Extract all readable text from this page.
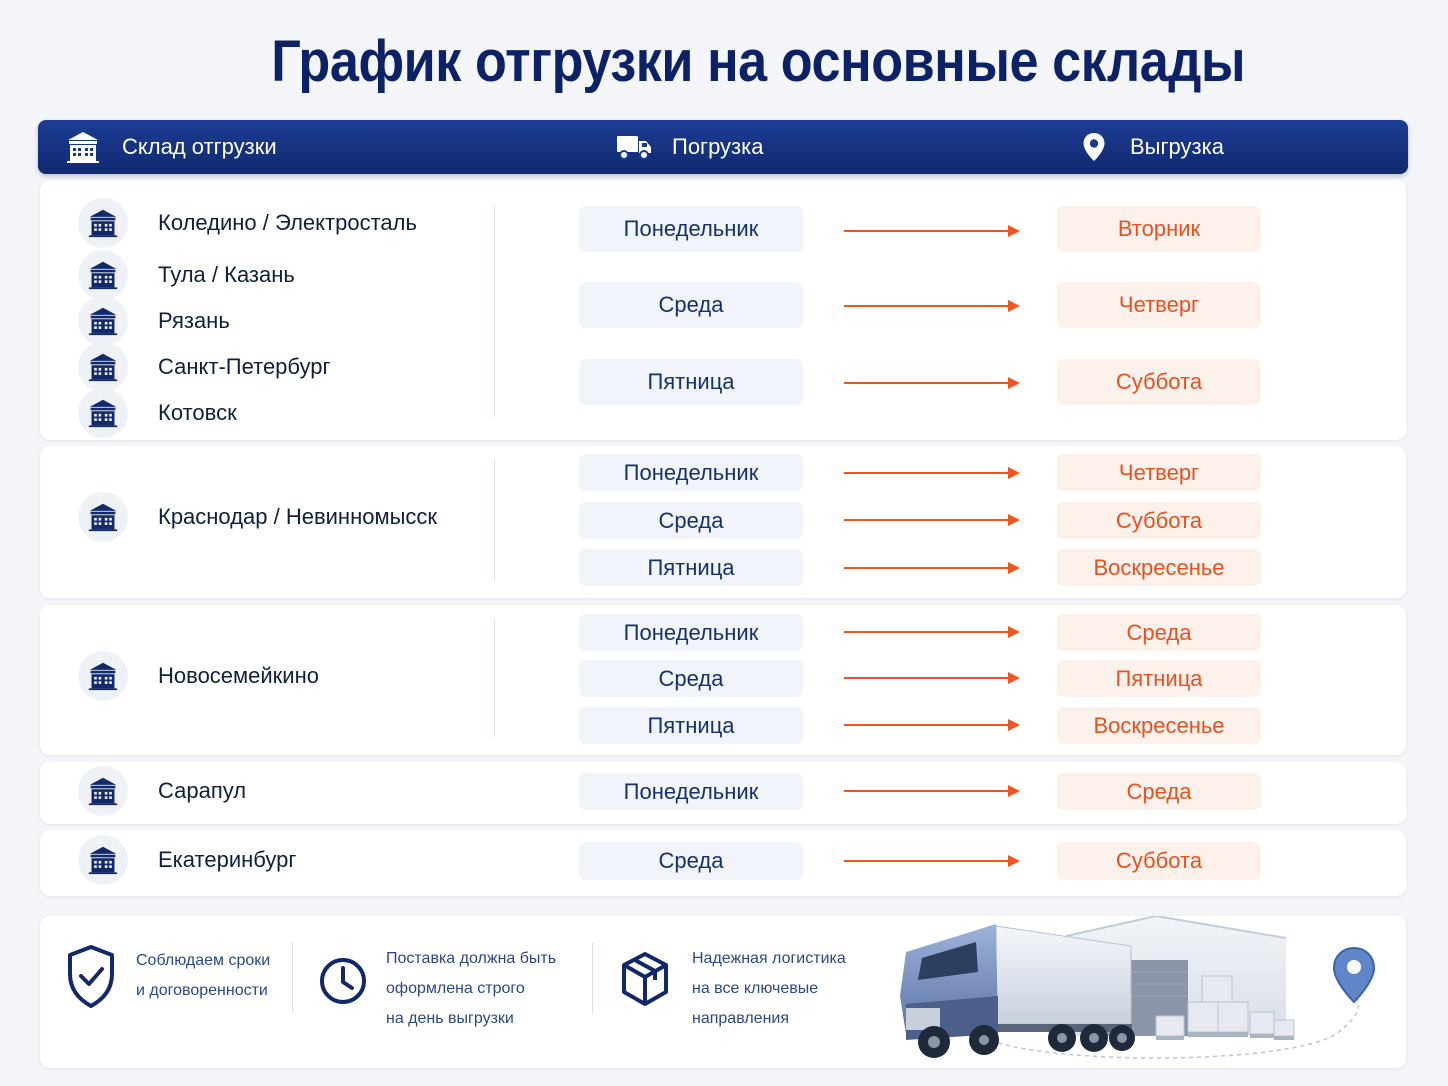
График отгрузки на основные склады
Склад отгрузки	Погрузка	Выгрузка
Коледино / Электросталь
Тула / Казань
Рязань
Санкт-Петербург
Котовск
Понедельник	Вторник
Среда	Четверг
Пятница	Суббота
Краснодар / Невинномысск
Понедельник	Четверг
Среда	Суббота
Пятница	Воскресенье
Новосемейкино
Понедельник	Среда
Среда	Пятница
Пятница	Воскресенье
Сарапул	Понедельник	Среда
Екатеринбург	Среда	Суббота
Соблюдаем сроки
и договоренности
Поставка должна быть
оформлена строго
на день выгрузки
Надежная логистика
на все ключевые
направления
